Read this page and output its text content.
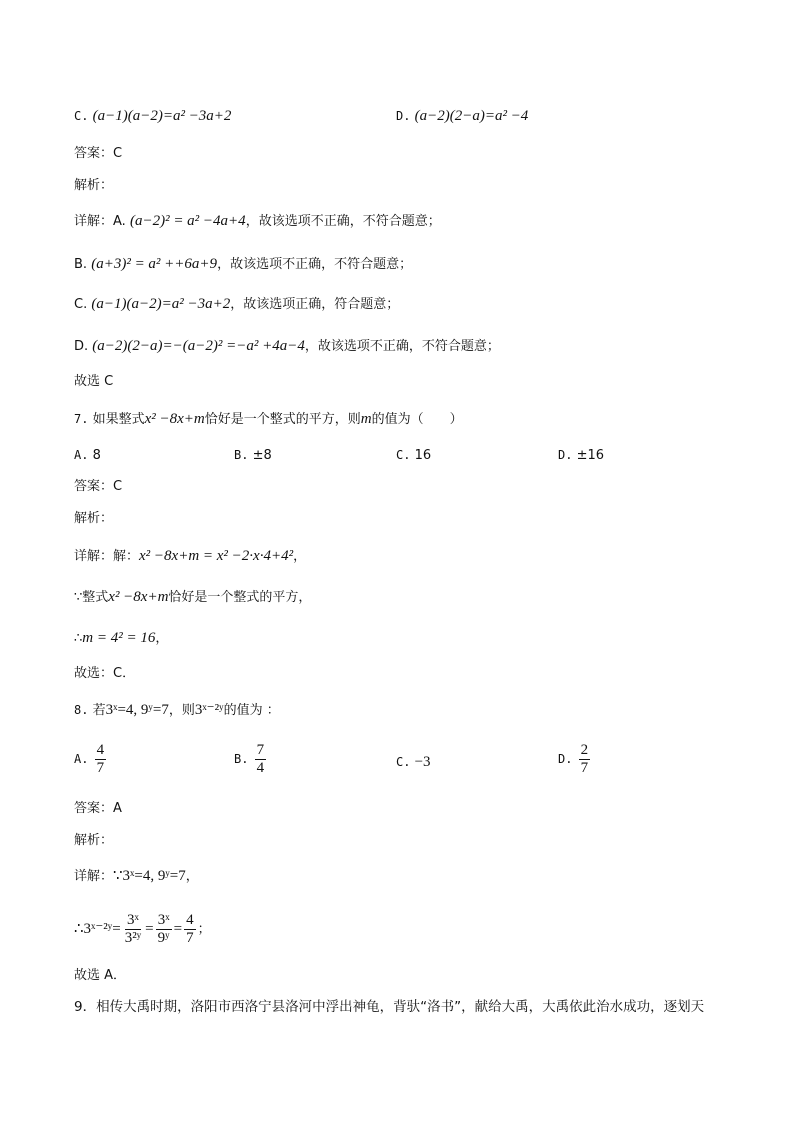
C. (a−1)(a−2)=a² −3a+2	D. (a−2)(2−a)=a² −4
答案：C
解析：
详解：A. (a−2)² = a² −4a+4，故该选项不正确，不符合题意；
B. (a+3)² = a² ++6a+9，故该选项不正确，不符合题意；
C. (a−1)(a−2)=a² −3a+2，故该选项正确，符合题意；
D. (a−2)(2−a)=−(a−2)² =−a² +4a−4，故该选项不正确，不符合题意；
故选 C
7. 如果整式x² −8x+m恰好是一个整式的平方，则m的值为（　　）
A. 8	B. ±8	C. 16	D. ±16
答案：C
解析：
详解：解：x² −8x+m = x² −2·x·4+4²，
∵整式x² −8x+m恰好是一个整式的平方，
∴m = 4² = 16，
故选：C．
8. 若3ˣ=4, 9ʸ=7，则3ˣ⁻²ʸ的值为 ：
A. $\frac{4}{7}$	B. $\frac{7}{4}$	C. −3	D. $\frac{2}{7}$
答案：A
解析：
详解：∵3ˣ=4, 9ʸ=7，
∴3ˣ⁻²ʸ= $\frac{\text{3ˣ}}{\text{3²ʸ}} = \frac{\text{3ˣ}}{\text{9ʸ}} = \frac{4}{7}$ ；
故选 A．
9．相传大禹时期，洛阳市西洛宁县洛河中浮出神龟，背驮“洛书”，献给大禹，大禹依此治水成功，逐划天
